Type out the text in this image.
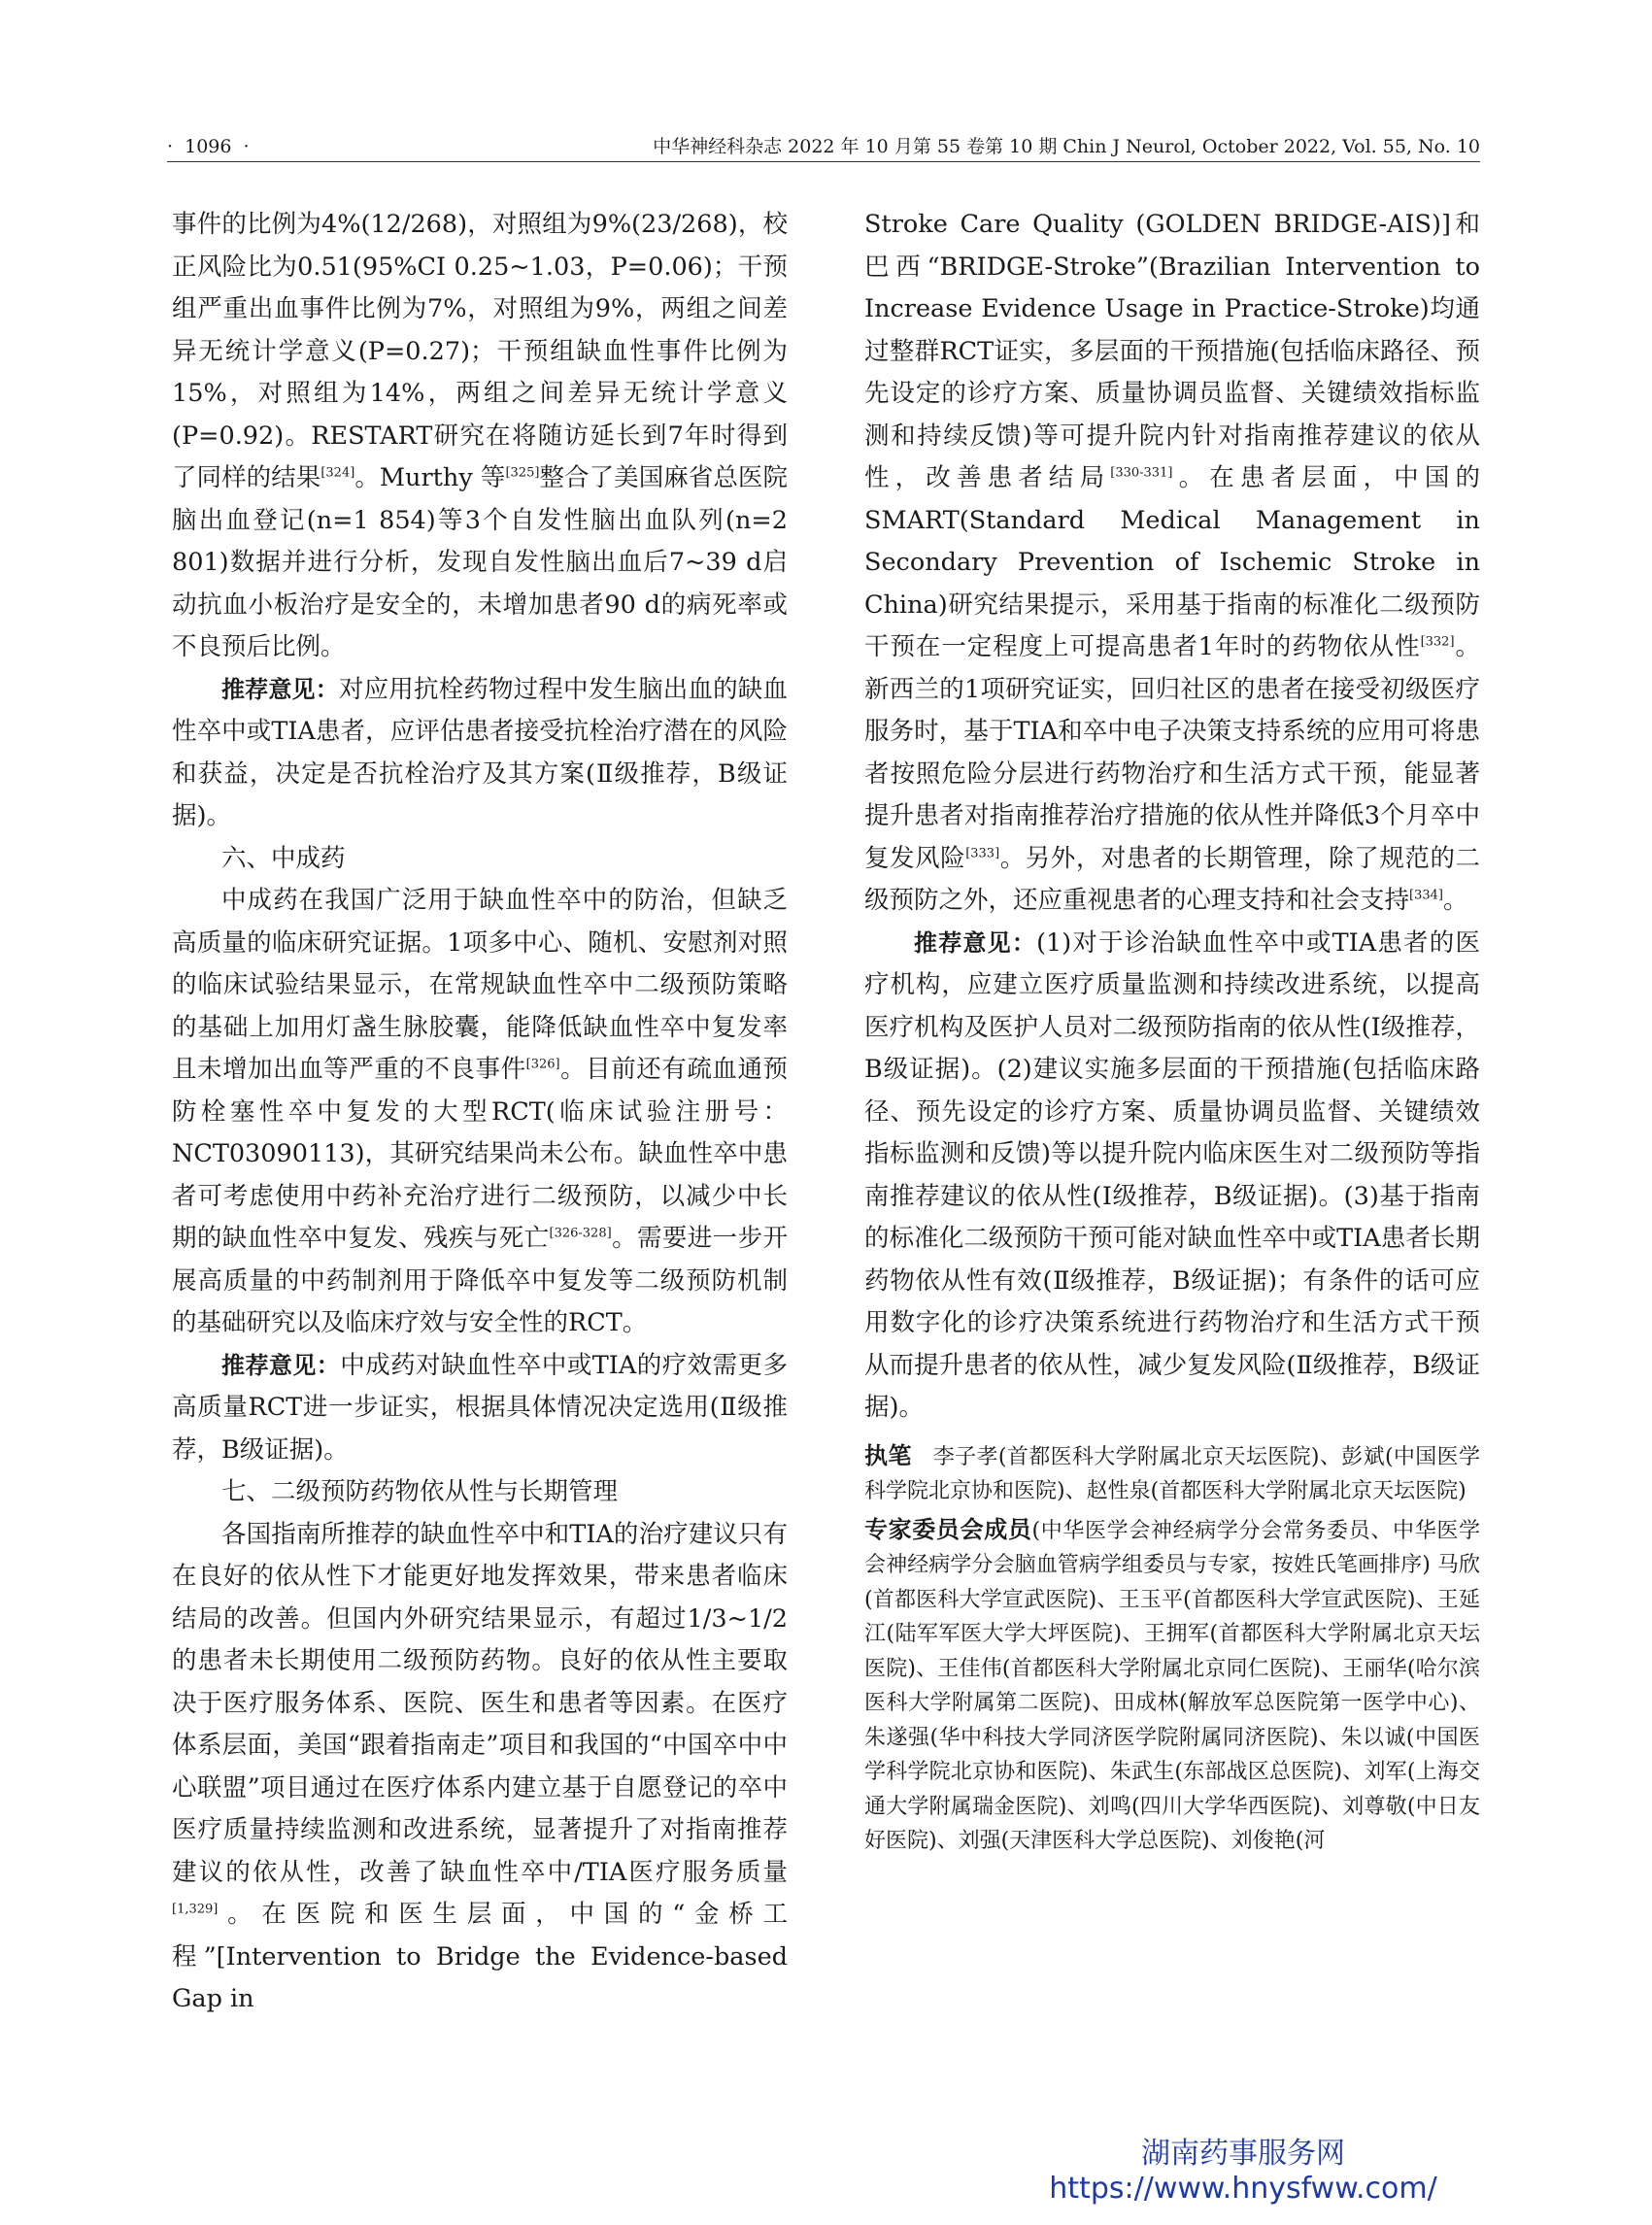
·  1096  ·	中华神经科杂志 2022 年 10 月第 55 卷第 10 期 Chin J Neurol, October 2022, Vol. 55, No. 10

事件的比例为4%(12/268)，对照组为9%(23/268)，校正风险比为0.51(95%CI 0.25~1.03，P=0.06)；干预组严重出血事件比例为7%，对照组为9%，两组之间差异无统计学意义(P=0.27)；干预组缺血性事件比例为15%，对照组为14%，两组之间差异无统计学意义(P=0.92)。RESTART研究在将随访延长到7年时得到了同样的结果[324]。Murthy 等[325]整合了美国麻省总医院脑出血登记(n=1 854)等3个自发性脑出血队列(n=2 801)数据并进行分析，发现自发性脑出血后7~39 d启动抗血小板治疗是安全的，未增加患者90 d的病死率或不良预后比例。

推荐意见：对应用抗栓药物过程中发生脑出血的缺血性卒中或TIA患者，应评估患者接受抗栓治疗潜在的风险和获益，决定是否抗栓治疗及其方案(Ⅱ级推荐，B级证据)。

六、中成药

中成药在我国广泛用于缺血性卒中的防治，但缺乏高质量的临床研究证据。1项多中心、随机、安慰剂对照的临床试验结果显示，在常规缺血性卒中二级预防策略的基础上加用灯盏生脉胶囊，能降低缺血性卒中复发率且未增加出血等严重的不良事件[326]。目前还有疏血通预防栓塞性卒中复发的大型RCT(临床试验注册号：NCT03090113)，其研究结果尚未公布。缺血性卒中患者可考虑使用中药补充治疗进行二级预防，以减少中长期的缺血性卒中复发、残疾与死亡[326-328]。需要进一步开展高质量的中药制剂用于降低卒中复发等二级预防机制的基础研究以及临床疗效与安全性的RCT。

推荐意见：中成药对缺血性卒中或TIA的疗效需更多高质量RCT进一步证实，根据具体情况决定选用(Ⅱ级推荐，B级证据)。

七、二级预防药物依从性与长期管理

各国指南所推荐的缺血性卒中和TIA的治疗建议只有在良好的依从性下才能更好地发挥效果，带来患者临床结局的改善。但国内外研究结果显示，有超过1/3~1/2的患者未长期使用二级预防药物。良好的依从性主要取决于医疗服务体系、医院、医生和患者等因素。在医疗体系层面，美国“跟着指南走”项目和我国的“中国卒中中心联盟”项目通过在医疗体系内建立基于自愿登记的卒中医疗质量持续监测和改进系统，显著提升了对指南推荐建议的依从性，改善了缺血性卒中/TIA医疗服务质量[1,329]。在医院和医生层面，中国的“金桥工程”[Intervention to Bridge the Evidence-based Gap in

Stroke Care Quality (GOLDEN BRIDGE-AIS)]和巴西“BRIDGE-Stroke”(Brazilian Intervention to Increase Evidence Usage in Practice-Stroke)均通过整群RCT证实，多层面的干预措施(包括临床路径、预先设定的诊疗方案、质量协调员监督、关键绩效指标监测和持续反馈)等可提升院内针对指南推荐建议的依从性，改善患者结局[330-331]。在患者层面，中国的SMART(Standard Medical Management in Secondary Prevention of Ischemic Stroke in China)研究结果提示，采用基于指南的标准化二级预防干预在一定程度上可提高患者1年时的药物依从性[332]。新西兰的1项研究证实，回归社区的患者在接受初级医疗服务时，基于TIA和卒中电子决策支持系统的应用可将患者按照危险分层进行药物治疗和生活方式干预，能显著提升患者对指南推荐治疗措施的依从性并降低3个月卒中复发风险[333]。另外，对患者的长期管理，除了规范的二级预防之外，还应重视患者的心理支持和社会支持[334]。

推荐意见：(1)对于诊治缺血性卒中或TIA患者的医疗机构，应建立医疗质量监测和持续改进系统，以提高医疗机构及医护人员对二级预防指南的依从性(Ⅰ级推荐，B级证据)。(2)建议实施多层面的干预措施(包括临床路径、预先设定的诊疗方案、质量协调员监督、关键绩效指标监测和反馈)等以提升院内临床医生对二级预防等指南推荐建议的依从性(Ⅰ级推荐，B级证据)。(3)基于指南的标准化二级预防干预可能对缺血性卒中或TIA患者长期药物依从性有效(Ⅱ级推荐，B级证据)；有条件的话可应用数字化的诊疗决策系统进行药物治疗和生活方式干预从而提升患者的依从性，减少复发风险(Ⅱ级推荐，B级证据)。

执笔 李子孝(首都医科大学附属北京天坛医院)、彭斌(中国医学科学院北京协和医院)、赵性泉(首都医科大学附属北京天坛医院)

专家委员会成员(中华医学会神经病学分会常务委员、中华医学会神经病学分会脑血管病学组委员与专家，按姓氏笔画排序) 马欣(首都医科大学宣武医院)、王玉平(首都医科大学宣武医院)、王延江(陆军军医大学大坪医院)、王拥军(首都医科大学附属北京天坛医院)、王佳伟(首都医科大学附属北京同仁医院)、王丽华(哈尔滨医科大学附属第二医院)、田成林(解放军总医院第一医学中心)、朱遂强(华中科技大学同济医学院附属同济医院)、朱以诚(中国医学科学院北京协和医院)、朱武生(东部战区总医院)、刘军(上海交通大学附属瑞金医院)、刘鸣(四川大学华西医院)、刘尊敬(中日友好医院)、刘强(天津医科大学总医院)、刘俊艳(河

湖南药事服务网
https://www.hnysfww.com/
